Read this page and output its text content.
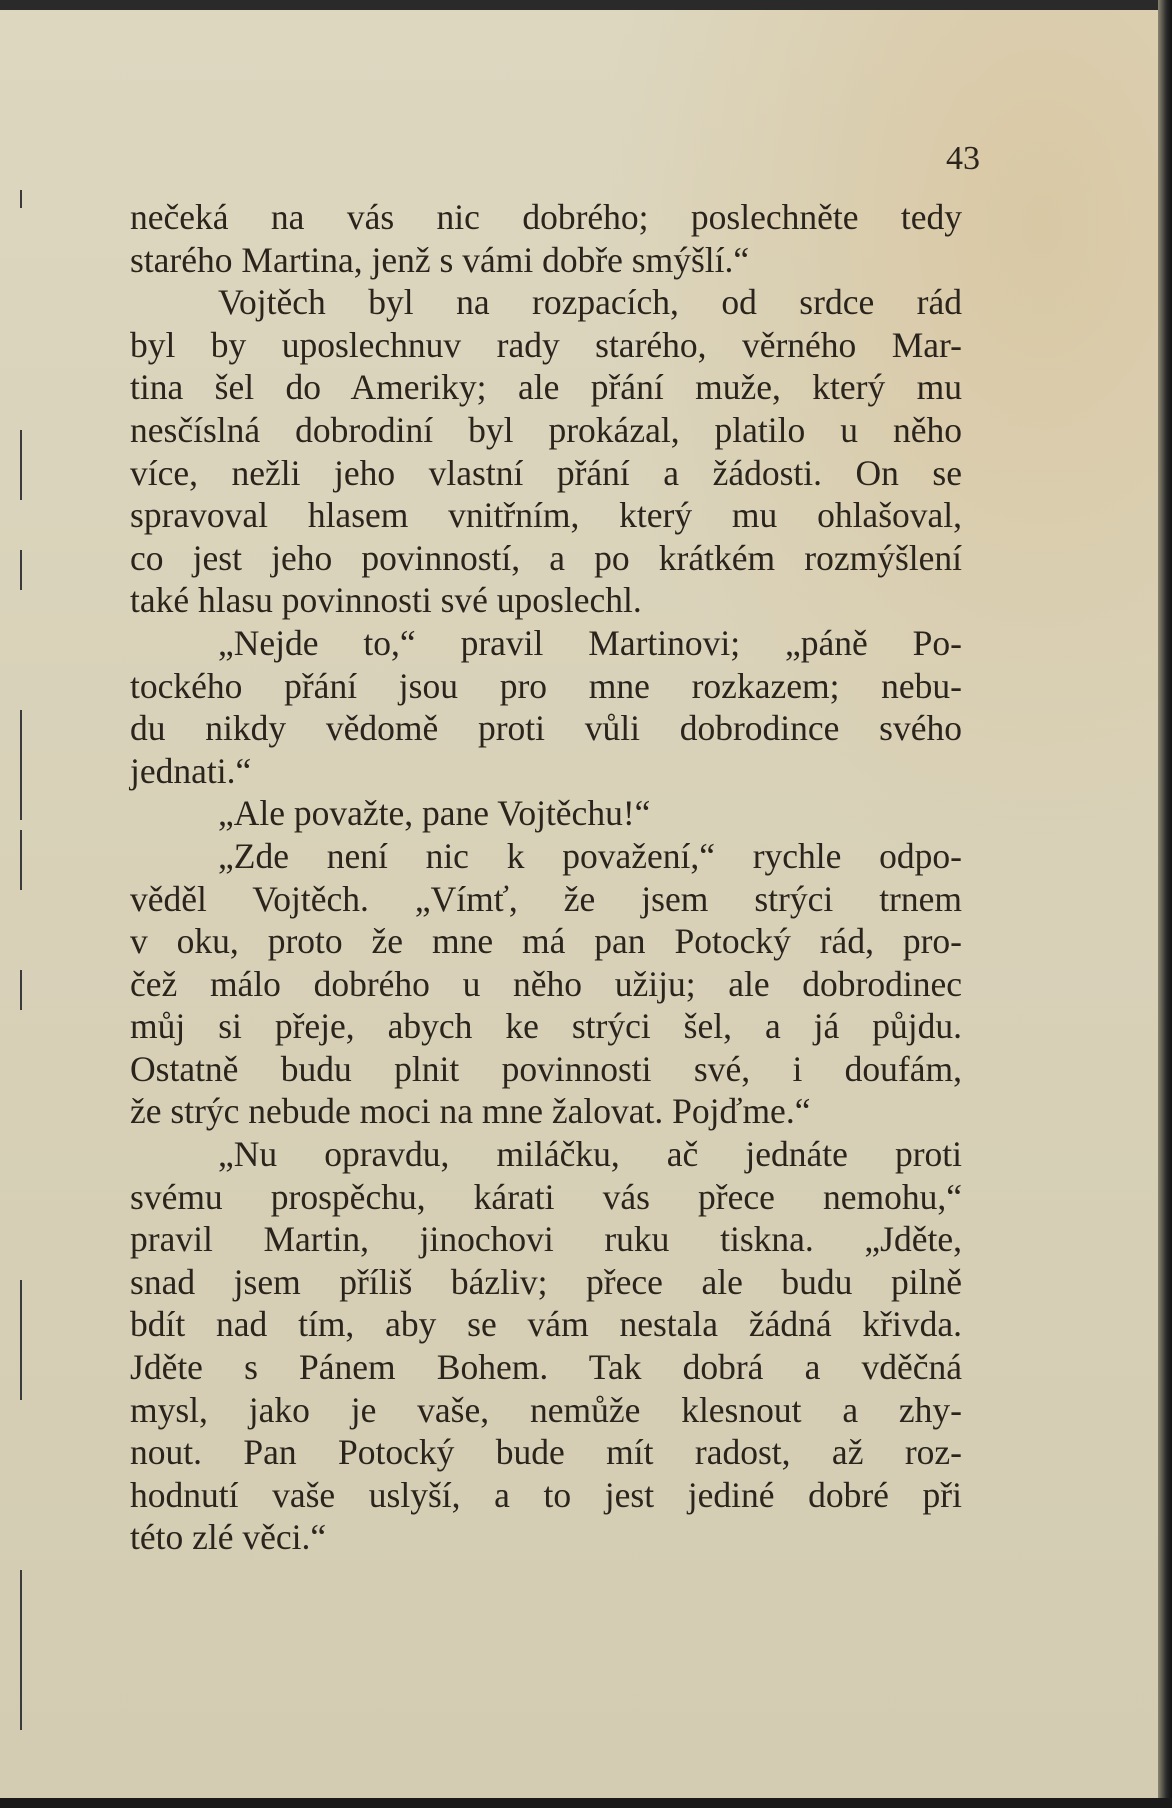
43
nečeká na vás nic dobrého; poslechněte tedy
starého Martina, jenž s vámi dobře smýšlí.“
Vojtěch byl na rozpacích, od srdce rád
byl by uposlechnuv rady starého, věrného Mar-
tina šel do Ameriky; ale přání muže, který mu
nesčíslná dobrodiní byl prokázal, platilo u něho
více, nežli jeho vlastní přání a žádosti. On se
spravoval hlasem vnitřním, který mu ohlašoval,
co jest jeho povinností, a po krátkém rozmýšlení
také hlasu povinnosti své uposlechl.
„Nejde to,“ pravil Martinovi; „páně Po-
tockého přání jsou pro mne rozkazem; nebu-
du nikdy vědomě proti vůli dobrodince svého
jednati.“
„Ale považte, pane Vojtěchu!“
„Zde není nic k považení,“ rychle odpo-
věděl Vojtěch. „Vímť, že jsem strýci trnem
v oku, proto že mne má pan Potocký rád, pro-
čež málo dobrého u něho užiju; ale dobrodinec
můj si přeje, abych ke strýci šel, a já půjdu.
Ostatně budu plnit povinnosti své, i doufám,
že strýc nebude moci na mne žalovat. Pojďme.“
„Nu opravdu, miláčku, ač jednáte proti
svému prospěchu, kárati vás přece nemohu,“
pravil Martin, jinochovi ruku tiskna. „Jděte,
snad jsem příliš bázliv; přece ale budu pilně
bdít nad tím, aby se vám nestala žádná křivda.
Jděte s Pánem Bohem. Tak dobrá a vděčná
mysl, jako je vaše, nemůže klesnout a zhy-
nout. Pan Potocký bude mít radost, až roz-
hodnutí vaše uslyší, a to jest jediné dobré při
této zlé věci.“
